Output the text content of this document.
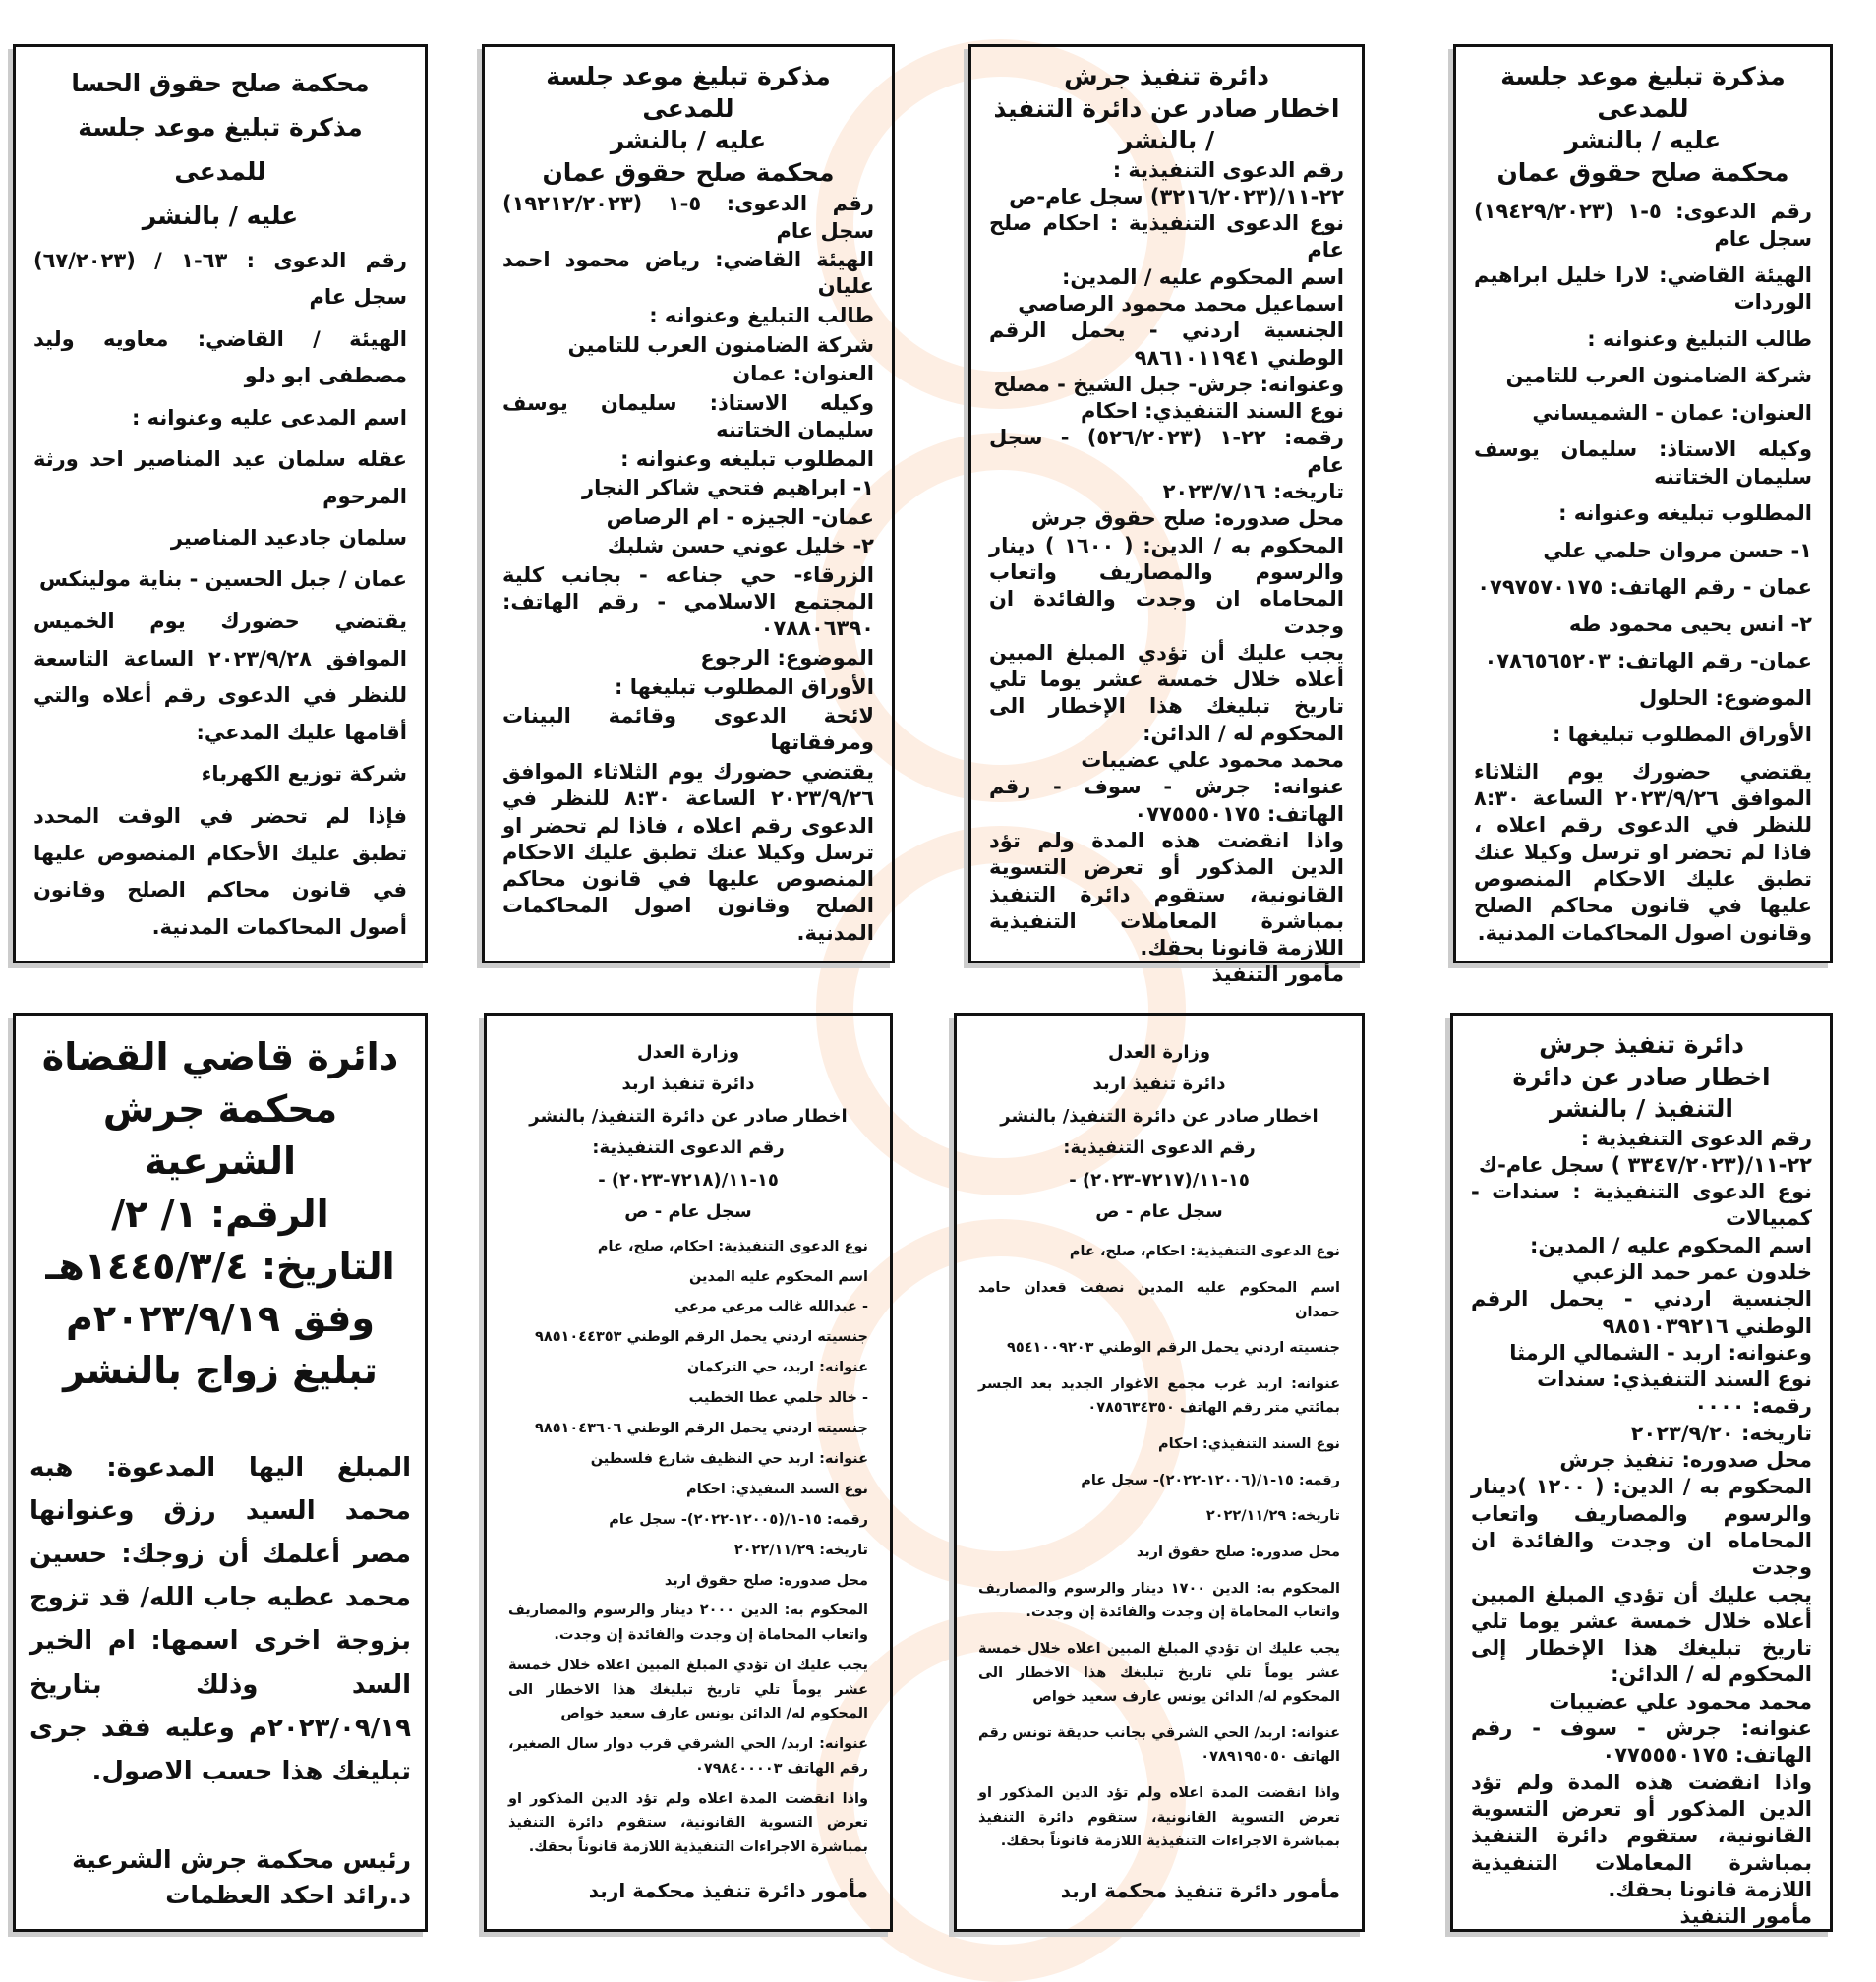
مذكرة تبليغ موعد جلسة للمدعى
عليه / بالنشر
محكمة صلح حقوق عمان
رقم الدعوى: ٥-١ (١٩٤٢٩/٢٠٢٣) سجل عام
الهيئة القاضي: لارا خليل ابراهيم الوردات
طالب التبليغ وعنوانه :
شركة الضامنون العرب للتامين
العنوان: عمان - الشميساني
وكيله الاستاذ: سليمان يوسف سليمان الختاتنه
المطلوب تبليغه وعنوانه :
١- حسن مروان حلمي علي
عمان - رقم الهاتف: ٠٧٩٧٥٧٠١٧٥
٢- انس يحيى محمود طه
عمان- رقم الهاتف: ٠٧٨٦٥٦٥٢٠٣
الموضوع: الحلول
الأوراق المطلوب تبليغها :
يقتضي حضورك يوم الثلاثاء الموافق ٢٠٢٣/٩/٢٦ الساعة ٨:٣٠ للنظر في الدعوى رقم اعلاه ، فاذا لم تحضر او ترسل وكيلا عنك تطبق عليك الاحكام المنصوص عليها في قانون محاكم الصلح وقانون اصول المحاكمات المدنية.
دائرة تنفيذ جرش
اخطار صادر عن دائرة التنفيذ / بالنشر
رقم الدعوى التنفيذية :
٢٢-١١/(٣٢١٦/٢٠٢٣) سجل عام-ص
نوع الدعوى التنفيذية : احكام صلح عام
اسم المحكوم عليه / المدين:
اسماعيل محمد محمود الرصاصي
الجنسية اردني - يحمل الرقم الوطني ٩٨٦١٠١١٩٤١
وعنوانه: جرش- جبل الشيخ - مصلح
نوع السند التنفيذي: احكام
رقمه: ٢٢-١ (٥٢٦/٢٠٢٣) - سجل عام
تاريخه: ٢٠٢٣/٧/١٦
محل صدوره: صلح حقوق جرش
المحكوم به / الدين: ( ١٦٠٠ ) دينار والرسوم والمصاريف واتعاب المحاماه ان وجدت والفائدة ان وجدت
يجب عليك أن تؤدي المبلغ المبين أعلاه خلال خمسة عشر يوما تلي تاريخ تبليغك هذا الإخطار الى المحكوم له / الدائن:
محمد محمود علي عضيبات
عنوانه: جرش - سوف - رقم الهاتف: ٠٧٧٥٥٥٠١٧٥
واذا انقضت هذه المدة ولم تؤد الدين المذكور أو تعرض التسوية القانونية، ستقوم دائرة التنفيذ بمباشرة المعاملات التنفيذية اللازمة قانونا بحقك.
مأمور التنفيذ
مذكرة تبليغ موعد جلسة للمدعى
عليه / بالنشر
محكمة صلح حقوق عمان
رقم الدعوى: ٥-١ (١٩٢١٢/٢٠٢٣) سجل عام
الهيئة القاضي: رياض محمود احمد عليان
طالب التبليغ وعنوانه :
شركة الضامنون العرب للتامين
العنوان: عمان
وكيله الاستاذ: سليمان يوسف سليمان الختاتنه
المطلوب تبليغه وعنوانه :
١- ابراهيم فتحي شاكر النجار
عمان- الجيزه - ام الرصاص
٢- خليل عوني حسن شلبك
الزرقاء- حي جناعه - بجانب كلية المجتمع الاسلامي - رقم الهاتف: ٠٧٨٨٠٦٣٩٠
الموضوع: الرجوع
الأوراق المطلوب تبليغها :
لائحة الدعوى وقائمة البينات ومرفقاتها
يقتضي حضورك يوم الثلاثاء الموافق ٢٠٢٣/٩/٢٦ الساعة ٨:٣٠ للنظر في الدعوى رقم اعلاه ، فاذا لم تحضر او ترسل وكيلا عنك تطبق عليك الاحكام المنصوص عليها في قانون محاكم الصلح وقانون اصول المحاكمات المدنية.
محكمة صلح حقوق الحسا
مذكرة تبليغ موعد جلسة للمدعى
عليه / بالنشر
رقم الدعوى : ٦٣-١ / (٦٧/٢٠٢٣) سجل عام
الهيئة / القاضي: معاويه وليد مصطفى ابو دلو
اسم المدعى عليه وعنوانه :
عقله سلمان عيد المناصير احد ورثة المرحوم
سلمان جادعيد المناصير
عمان / جبل الحسين - بناية مولينكس
يقتضي حضورك يوم الخميس الموافق ٢٠٢٣/٩/٢٨ الساعة التاسعة للنظر في الدعوى رقم أعلاه والتي أقامها عليك المدعي:
شركة توزيع الكهرباء
فإذا لم تحضر في الوقت المحدد تطبق عليك الأحكام المنصوص عليها في قانون محاكم الصلح وقانون أصول المحاكمات المدنية.
دائرة تنفيذ جرش
اخطار صادر عن دائرة التنفيذ / بالنشر
رقم الدعوى التنفيذية :
٢٢-١١/(٣٣٤٧/٢٠٢٣ ) سجل عام-ك
نوع الدعوى التنفيذية : سندات - كمبيالات
اسم المحكوم عليه / المدين:
خلدون عمر حمد الزعبي
الجنسية اردني - يحمل الرقم الوطني ٩٨٥١٠٣٩٢١٦
وعنوانه: اربد - الشمالي الرمثا
نوع السند التنفيذي: سندات
رقمه: ٠٠٠٠
تاريخه: ٢٠٢٣/٩/٢٠
محل صدوره: تنفيذ جرش
المحكوم به / الدين: ( ١٢٠٠ )دينار والرسوم والمصاريف واتعاب المحاماه ان وجدت والفائدة ان وجدت
يجب عليك أن تؤدي المبلغ المبين أعلاه خلال خمسة عشر يوما تلي تاريخ تبليغك هذا الإخطار إلى المحكوم له / الدائن:
محمد محمود علي عضيبات
عنوانه: جرش - سوف - رقم الهاتف: ٠٧٧٥٥٥٠١٧٥
واذا انقضت هذه المدة ولم تؤد الدين المذكور أو تعرض التسوية القانونية، ستقوم دائرة التنفيذ بمباشرة المعاملات التنفيذية اللازمة قانونا بحقك.
مأمور التنفيذ
وزارة العدل
دائرة تنفيذ اربد
اخطار صادر عن دائرة التنفيذ/ بالنشر
رقم الدعوى التنفيذية: ١٥-١١/(٧٢١٧-٢٠٢٣) -
سجل عام - ص
نوع الدعوى التنفيذية: احكام، صلح، عام
اسم المحكوم عليه المدين نصفت قعدان حامد حمدان
جنسيته اردني يحمل الرقم الوطني ٩٥٤١٠٠٩٢٠٣
عنوانه: اربد غرب مجمع الاغوار الجديد بعد الجسر بمائتي متر رقم الهاتف ٠٧٨٥٦٣٤٣٥٠
نوع السند التنفيذي: احكام
رقمه: ١٥-١/(١٢٠٠٦-٢٠٢٢)- سجل عام
تاريخه: ٢٠٢٢/١١/٢٩
محل صدوره: صلح حقوق اربد
المحكوم به: الدين ١٧٠٠ دينار والرسوم والمصاريف واتعاب المحاماة إن وجدت والفائدة إن وجدت.
يجب عليك ان تؤدي المبلغ المبين اعلاه خلال خمسة عشر يوماً تلي تاريخ تبليغك هذا الاخطار الى المحكوم له/ الدائن يونس عارف سعيد خواص
عنوانه: اربد/ الحي الشرقي بجانب حديقة تونس رقم الهاتف ٠٧٨٩١٩٥٠٥٠
واذا انقضت المدة اعلاه ولم تؤد الدين المذكور او تعرض التسوية القانونية، ستقوم دائرة التنفيذ بمباشرة الاجراءات التنفيذية اللازمة قانوناً بحقك.
مأمور دائرة تنفيذ محكمة اربد
وزارة العدل
دائرة تنفيذ اربد
اخطار صادر عن دائرة التنفيذ/ بالنشر
رقم الدعوى التنفيذية: ١٥-١١/(٧٢١٨-٢٠٢٣) -
سجل عام - ص
نوع الدعوى التنفيذية: احكام، صلح، عام
اسم المحكوم عليه المدين
- عبدالله غالب مرعي مرعي
جنسيته اردني يحمل الرقم الوطني ٩٨٥١٠٤٤٣٥٣
عنوانه: اربد، حي التركمان
- خالد حلمي عطا الخطيب
جنسيته اردني يحمل الرقم الوطني ٩٨٥١٠٤٣٦٠٦
عنوانه: اربد حي النظيف شارع فلسطين
نوع السند التنفيذي: احكام
رقمه: ١٥-١/(١٢٠٠٥-٢٠٢٢)- سجل عام
تاريخه: ٢٠٢٢/١١/٢٩
محل صدوره: صلح حقوق اربد
المحكوم به: الدين ٢٠٠٠ دينار والرسوم والمصاريف واتعاب المحاماة إن وجدت والفائدة إن وجدت.
يجب عليك ان تؤدي المبلغ المبين اعلاه خلال خمسة عشر يوماً تلي تاريخ تبليغك هذا الاخطار الى المحكوم له/ الدائن يونس عارف سعيد خواص
عنوانه: اربد/ الحي الشرقي قرب دوار سال الصغير، رقم الهاتف ٠٧٩٨٤٠٠٠٠٣
واذا انقضت المدة اعلاه ولم تؤد الدين المذكور او تعرض التسوية القانونية، ستقوم دائرة التنفيذ بمباشرة الاجراءات التنفيذية اللازمة قانوناً بحقك.
مأمور دائرة تنفيذ محكمة اربد
دائرة قاضي القضاة
محكمة جرش الشرعية
الرقم: ١/ ٢/
التاريخ: ١٤٤٥/٣/٤هـ
وفق ٢٠٢٣/٩/١٩م
تبليغ زواج بالنشر
المبلغ اليها المدعوة: هبه محمد السيد رزق وعنوانها مصر أعلمك أن زوجك: حسين محمد عطيه جاب الله/ قد تزوج بزوجة اخرى اسمها: ام الخير السد وذلك بتاريخ ٢٠٢٣/٠٩/١٩م وعليه فقد جرى تبليغك هذا حسب الاصول.
رئيس محكمة جرش الشرعية
د.رائد احكد العظمات
